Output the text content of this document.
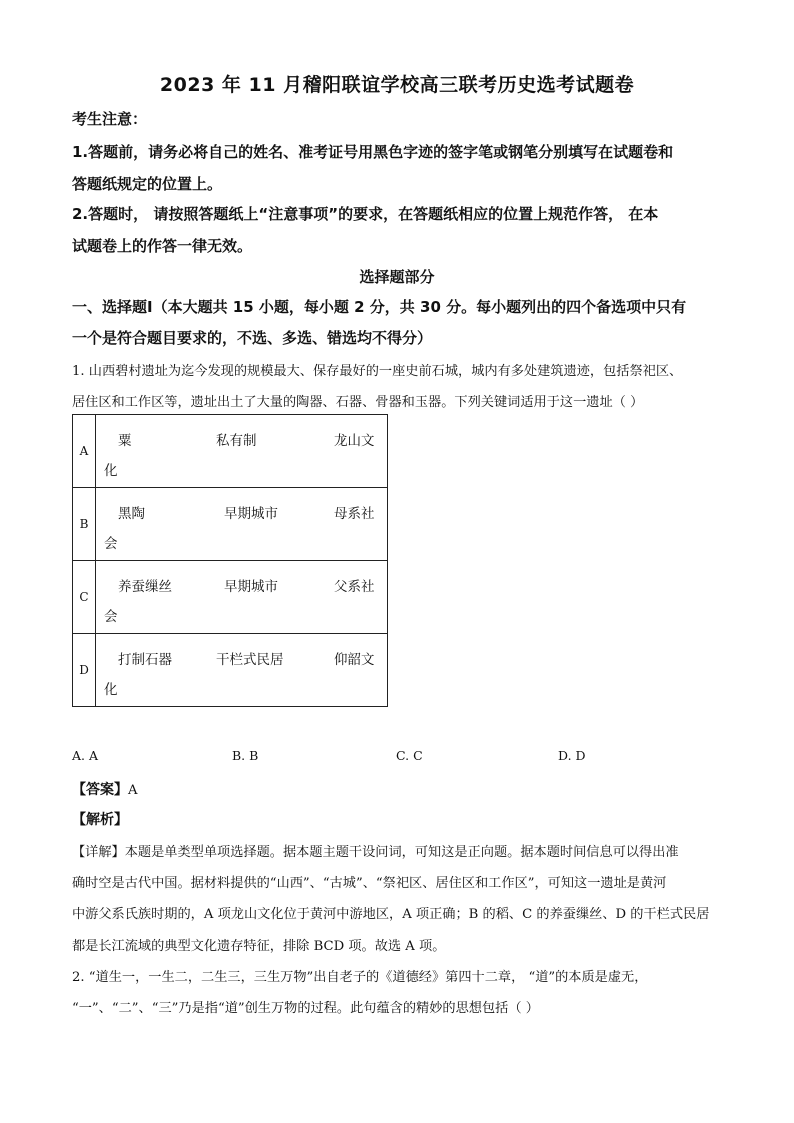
2023 年 11 月稽阳联谊学校高三联考历史选考试题卷
考生注意：
1.答题前，请务必将自己的姓名、准考证号用黑色字迹的签字笔或钢笔分别填写在试题卷和
答题纸规定的位置上。
2.答题时， 请按照答题纸上“注意事项”的要求，在答题纸相应的位置上规范作答， 在本
试题卷上的作答一律无效。
选择题部分
一、选择题Ⅰ（本大题共 15 小题，每小题 2 分，共 30 分。每小题列出的四个备选项中只有
一个是符合题目要求的，不选、多选、错选均不得分）
1. 山西碧村遗址为迄今发现的规模最大、保存最好的一座史前石城，城内有多处建筑遗迹，包括祭祀区、
居住区和工作区等，遗址出土了大量的陶器、石器、骨器和玉器。下列关键词适用于这一遗址（ ）
A	粟 私有制 龙山文
化

B	黑陶 早期城市 母系社
会

C	养蚕缫丝 早期城市 父系社
会

D	打制石器 干栏式民居 仰韶文
化
A. A	B. B	C. C	D. D
【答案】A
【解析】
【详解】本题是单类型单项选择题。据本题主题干设问词，可知这是正向题。据本题时间信息可以得出准
确时空是古代中国。据材料提供的“山西”、“古城”、“祭祀区、居住区和工作区”，可知这一遗址是黄河
中游父系氏族时期的，A 项龙山文化位于黄河中游地区，A 项正确；B 的稻、C 的养蚕缫丝、D 的干栏式民居
都是长江流域的典型文化遗存特征，排除 BCD 项。故选 A 项。
2. “道生一，一生二，二生三，三生万物”出自老子的《道德经》第四十二章， “道”的本质是虚无，
“一”、“二”、“三”乃是指“道”创生万物的过程。此句蕴含的精妙的思想包括（ ）
